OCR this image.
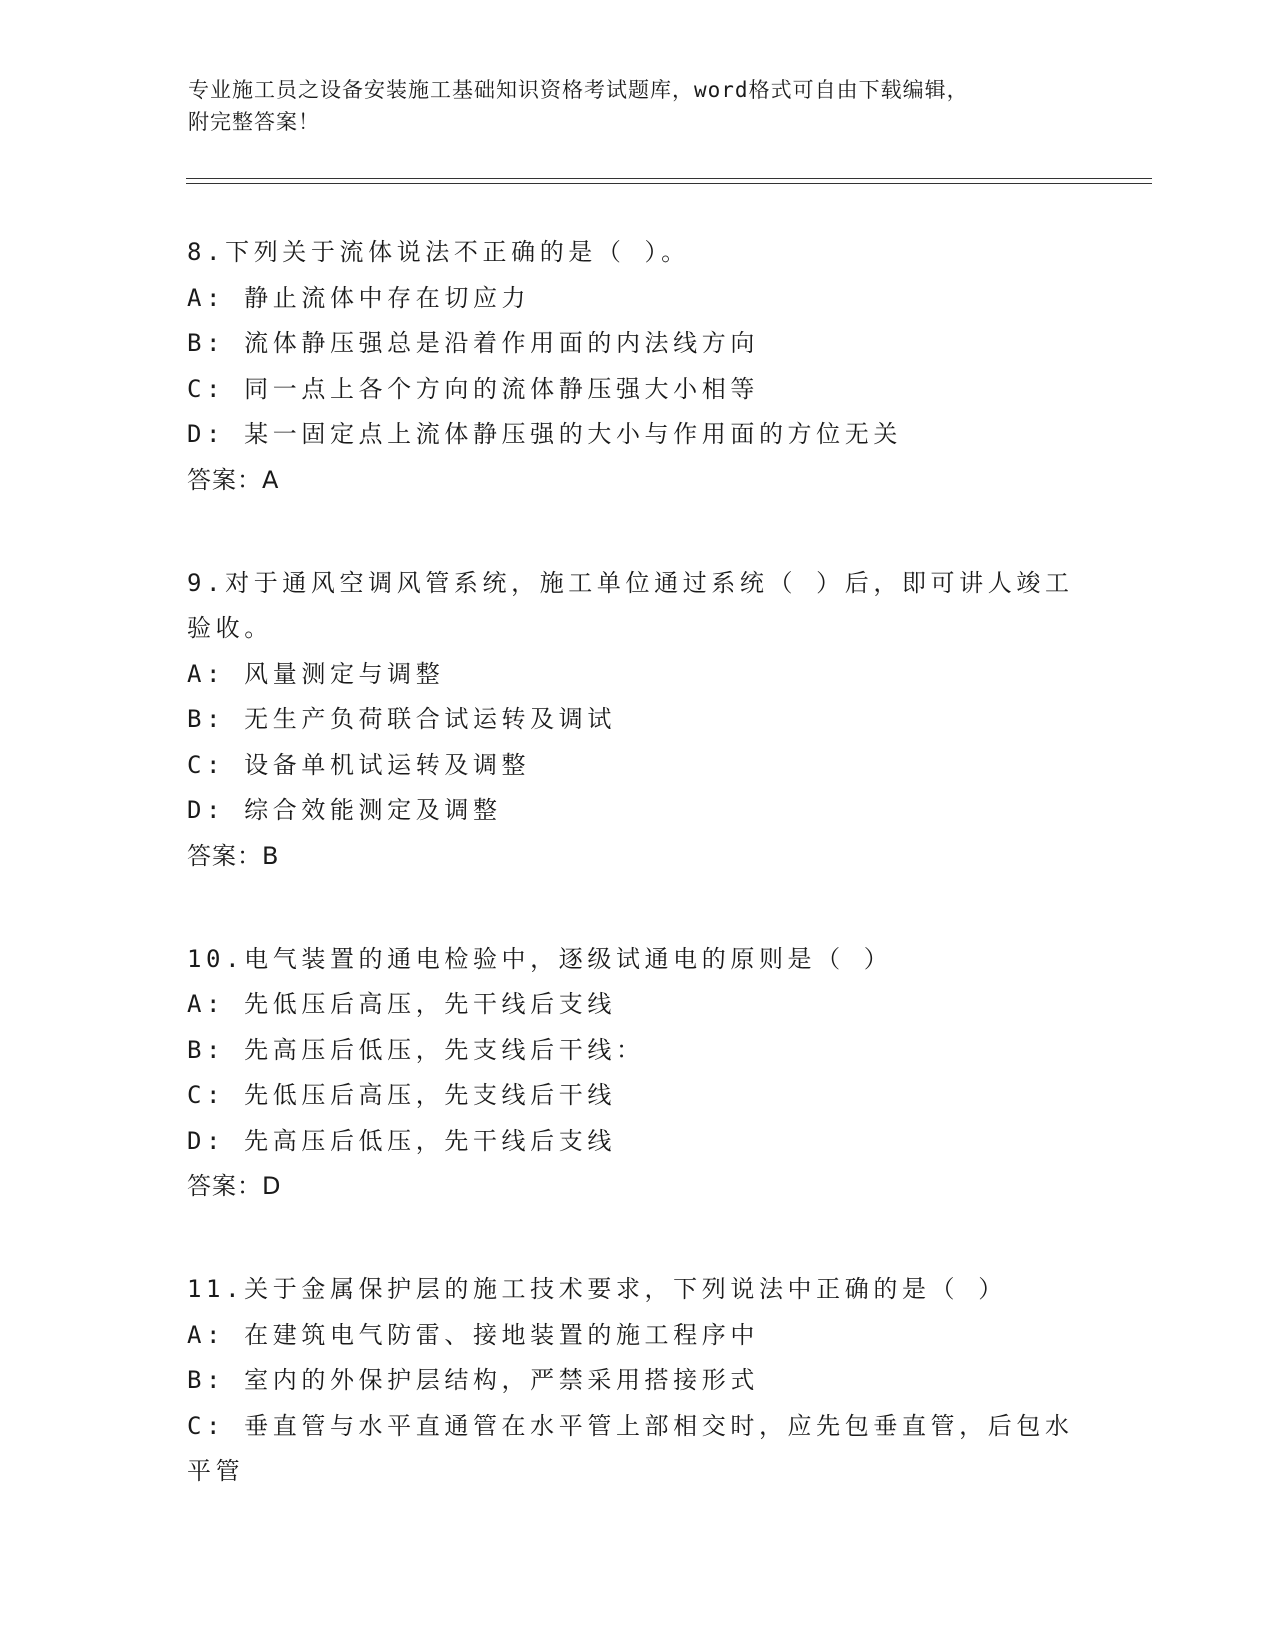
专业施工员之设备安装施工基础知识资格考试题库，word格式可自由下载编辑，
附完整答案！
8.下列关于流体说法不正确的是（ ）。
A: 静止流体中存在切应力
B: 流体静压强总是沿着作用面的内法线方向
C: 同一点上各个方向的流体静压强大小相等
D: 某一固定点上流体静压强的大小与作用面的方位无关
答案：A
9.对于通风空调风管系统，施工单位通过系统（ ）后，即可讲人竣工验收。
A: 风量测定与调整
B: 无生产负荷联合试运转及调试
C: 设备单机试运转及调整
D: 综合效能测定及调整
答案：B
10.电气装置的通电检验中，逐级试通电的原则是（ ）
A: 先低压后高压，先干线后支线
B: 先高压后低压，先支线后干线：
C: 先低压后高压，先支线后干线
D: 先高压后低压，先干线后支线
答案：D
11.关于金属保护层的施工技术要求，下列说法中正确的是（ ）
A: 在建筑电气防雷、接地装置的施工程序中
B: 室内的外保护层结构，严禁采用搭接形式
C: 垂直管与水平直通管在水平管上部相交时，应先包垂直管，后包水平管
